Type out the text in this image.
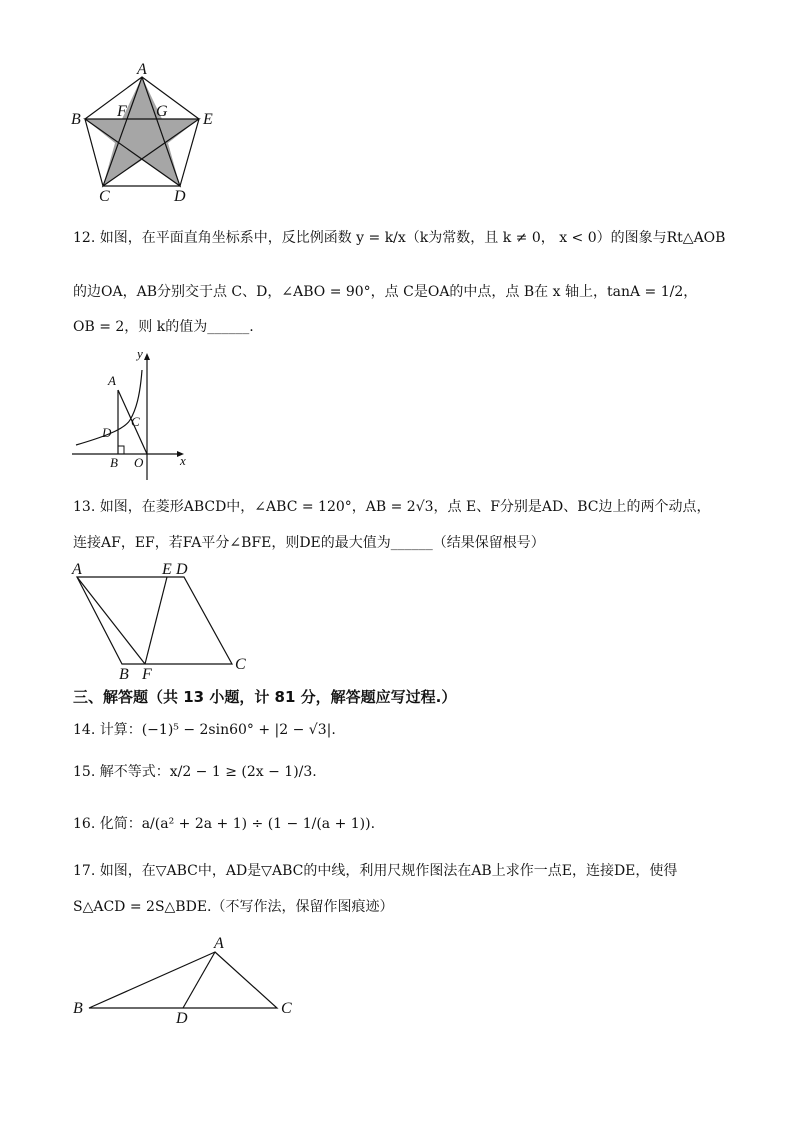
A
B	E
F G
C	D
12. 如图，在平面直角坐标系中，反比例函数 y = k/x（k为常数，且 k ≠ 0， x < 0）的图象与Rt△AOB
的边OA，AB分别交于点 C、D，∠ABO = 90°，点 C是OA的中点，点 B在 x 轴上，tanA = 1/2，
OB = 2，则 k的值为______.
y
A
C
D
B O	x
13. 如图，在菱形ABCD中，∠ABC = 120°，AB = 2√3，点 E、F分别是AD、BC边上的两个动点，
连接AF，EF，若FA平分∠BFE，则DE的最大值为______（结果保留根号）
A	E D
B F
C
三、解答题（共 13 小题，计 81 分，解答题应写过程.）
14. 计算：(−1)⁵ − 2sin60° + |2 − √3|.
15. 解不等式：x/2 − 1 ≥ (2x − 1)/3.
16. 化简：a/(a² + 2a + 1) ÷ (1 − 1/(a + 1)).
17. 如图，在▽ABC中，AD是▽ABC的中线，利用尺规作图法在AB上求作一点E，连接DE，使得
S△ACD = 2S△BDE.（不写作法，保留作图痕迹）
A
B
D
C
